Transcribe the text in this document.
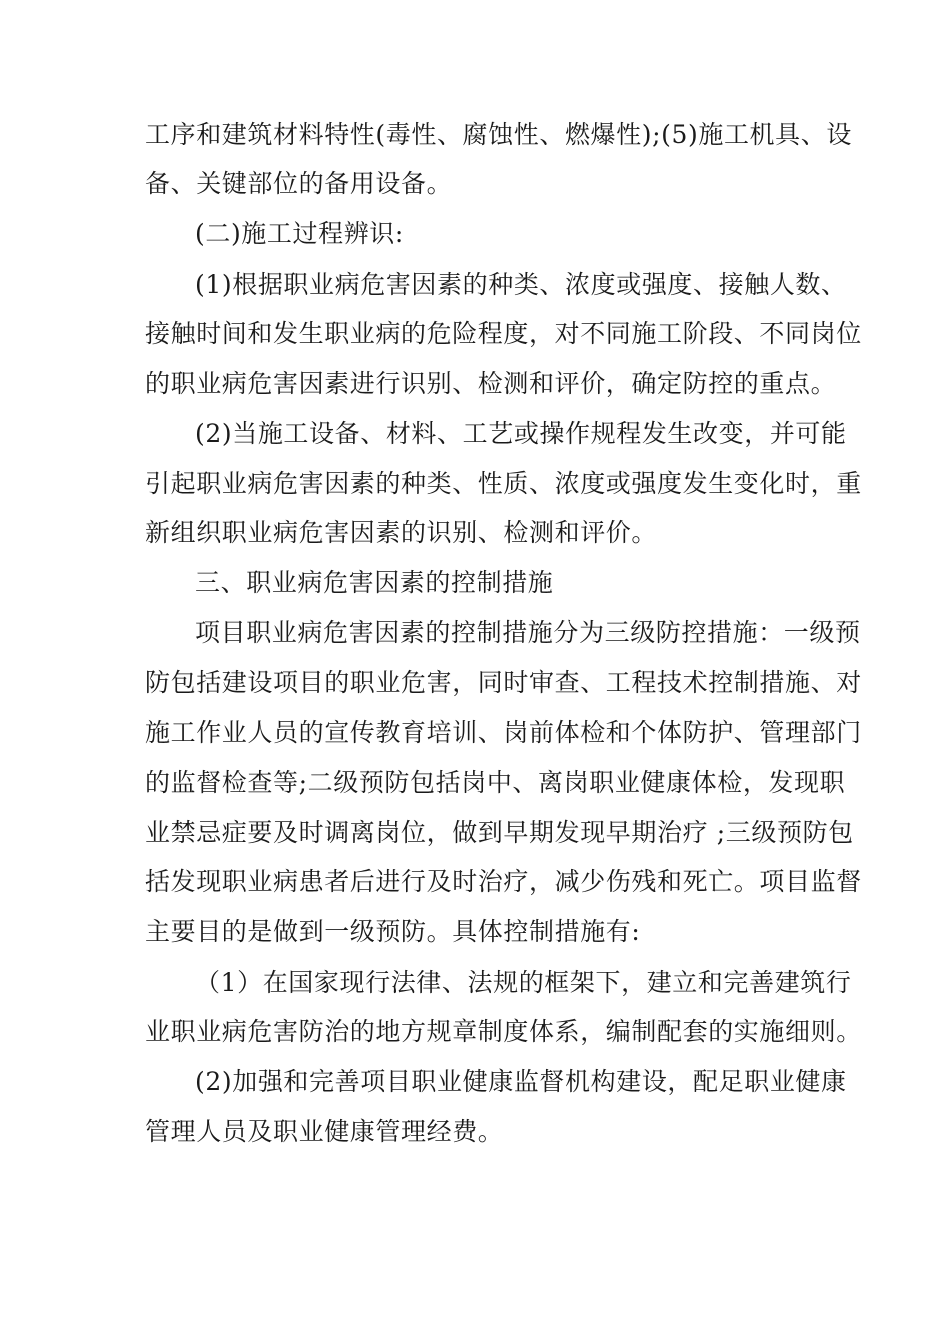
工序和建筑材料特性(毒性、腐蚀性、燃爆性);(5)施工机具、设
备、关键部位的备用设备。
(二)施工过程辨识:
(1)根据职业病危害因素的种类、浓度或强度、接触人数、
接触时间和发生职业病的危险程度，对不同施工阶段、不同岗位
的职业病危害因素进行识别、检测和评价，确定防控的重点。
(2)当施工设备、材料、工艺或操作规程发生改变，并可能
引起职业病危害因素的种类、性质、浓度或强度发生变化时，重
新组织职业病危害因素的识别、检测和评价。
三、职业病危害因素的控制措施
项目职业病危害因素的控制措施分为三级防控措施：一级预
防包括建设项目的职业危害，同时审查、工程技术控制措施、对
施工作业人员的宣传教育培训、岗前体检和个体防护、管理部门
的监督检查等;二级预防包括岗中、离岗职业健康体检，发现职
业禁忌症要及时调离岗位，做到早期发现早期治疗 ;三级预防包
括发现职业病患者后进行及时治疗，减少伤残和死亡。项目监督
主要目的是做到一级预防。具体控制措施有:
（1）在国家现行法律、法规的框架下，建立和完善建筑行
业职业病危害防治的地方规章制度体系，编制配套的实施细则。
(2)加强和完善项目职业健康监督机构建设，配足职业健康
管理人员及职业健康管理经费。
